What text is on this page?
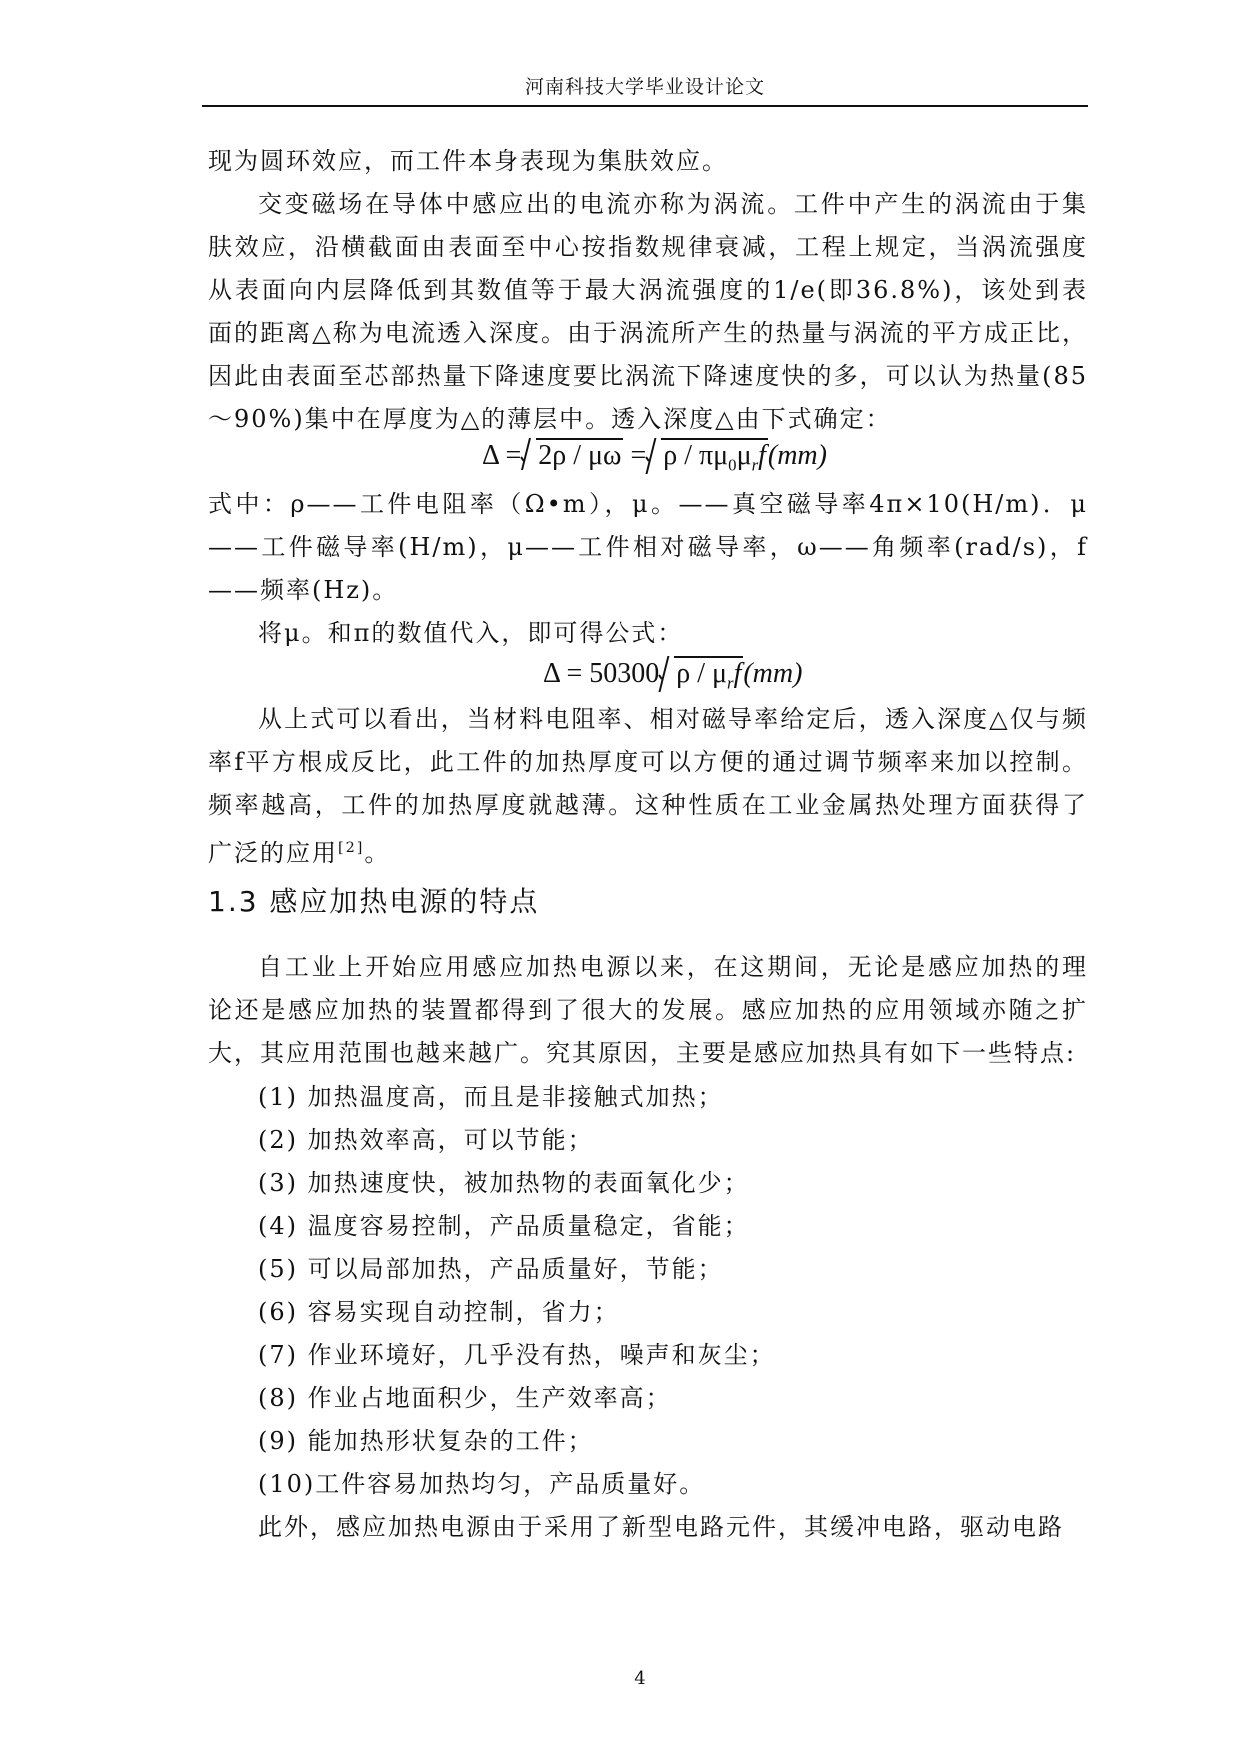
河南科技大学毕业设计论文

现为圆环效应，而工件本身表现为集肤效应。

交变磁场在导体中感应出的电流亦称为涡流。工件中产生的涡流由于集肤效应，沿横截面由表面至中心按指数规律衰减，工程上规定，当涡流强度从表面向内层降低到其数值等于最大涡流强度的1/e(即36.8%)，该处到表面的距离△称为电流透入深度。由于涡流所产生的热量与涡流的平方成正比，因此由表面至芯部热量下降速度要比涡流下降速度快的多，可以认为热量(85～90%)集中在厚度为△的薄层中。透入深度△由下式确定：

$\Delta = 2\rho / \mu\omega = \rho / \pi\mu_0\mu_rf(mm)$

式中：ρ——工件电阻率（Ω•m），μ。——真空磁导率4π×10(H/m)．μ——工件磁导率(H/m)，μ——工件相对磁导率，ω——角频率(rad/s)，f——频率(Hz)。

将μ。和π的数值代入，即可得公式：

Δ = 50300 ρ / $\mu_rf(mm)$

从上式可以看出，当材料电阻率、相对磁导率给定后，透入深度△仅与频率f平方根成反比，此工件的加热厚度可以方便的通过调节频率来加以控制。频率越高，工件的加热厚度就越薄。这种性质在工业金属热处理方面获得了广泛的应用[2]。

1.3 感应加热电源的特点

自工业上开始应用感应加热电源以来，在这期间，无论是感应加热的理论还是感应加热的装置都得到了很大的发展。感应加热的应用领域亦随之扩大，其应用范围也越来越广。究其原因，主要是感应加热具有如下一些特点:

(1) 加热温度高，而且是非接触式加热；
(2) 加热效率高，可以节能；
(3) 加热速度快，被加热物的表面氧化少；
(4) 温度容易控制，产品质量稳定，省能；
(5) 可以局部加热，产品质量好，节能；
(6) 容易实现自动控制，省力；
(7) 作业环境好，几乎没有热，噪声和灰尘；
(8) 作业占地面积少，生产效率高；
(9) 能加热形状复杂的工件；
(10)工件容易加热均匀，产品质量好。

此外，感应加热电源由于采用了新型电路元件，其缓冲电路，驱动电路

4
